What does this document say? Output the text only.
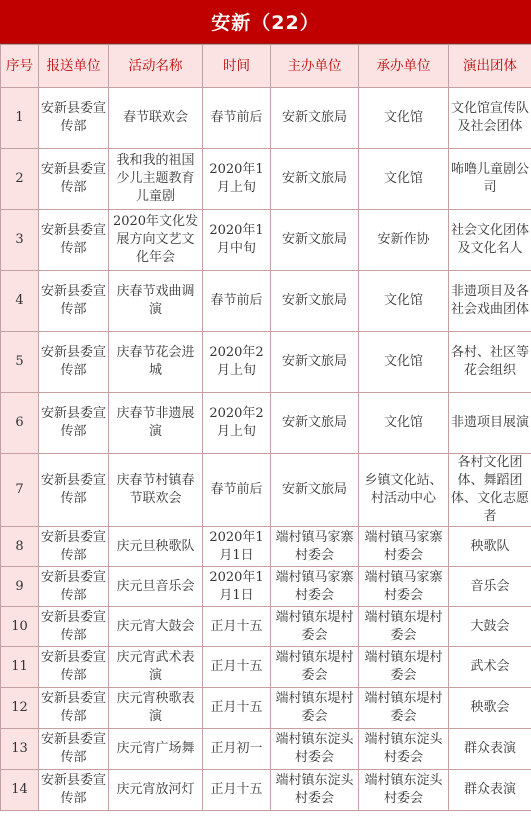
安新（22）
序号	报送单位	活动名称	时间	主办单位	承办单位	演出团体
1	安新县委宣传部	春节联欢会	春节前后	安新文旅局	文化馆	文化馆宣传队及社会团体
2	安新县委宣传部	我和我的祖国少儿主题教育儿童剧	2020年1月上旬	安新文旅局	文化馆	咘噜儿童剧公司
3	安新县委宣传部	2020年文化发展方向文艺文化年会	2020年1月中旬	安新文旅局	安新作协	社会文化团体及文化名人
4	安新县委宣传部	庆春节戏曲调演	春节前后	安新文旅局	文化馆	非遗项目及各社会戏曲团体
5	安新县委宣传部	庆春节花会进城	2020年2月上旬	安新文旅局	文化馆	各村、社区等花会组织
6	安新县委宣传部	庆春节非遗展演	2020年2月上旬	安新文旅局	文化馆	非遗项目展演
7	安新县委宣传部	庆春节村镇春节联欢会	春节前后	安新文旅局	乡镇文化站、村活动中心	各村文化团体、舞蹈团体、文化志愿者
8	安新县委宣传部	庆元旦秧歌队	2020年1月1日	端村镇马家寨村委会	端村镇马家寨村委会	秧歌队
9	安新县委宣传部	庆元旦音乐会	2020年1月1日	端村镇马家寨村委会	端村镇马家寨村委会	音乐会
10	安新县委宣传部	庆元宵大鼓会	正月十五	端村镇东堤村委会	端村镇东堤村委会	大鼓会
11	安新县委宣传部	庆元宵武术表演	正月十五	端村镇东堤村委会	端村镇东堤村委会	武术会
12	安新县委宣传部	庆元宵秧歌表演	正月十五	端村镇东堤村委会	端村镇东堤村委会	秧歌会
13	安新县委宣传部	庆元宵广场舞	正月初一	端村镇东淀头村委会	端村镇东淀头村委会	群众表演
14	安新县委宣传部	庆元宵放河灯	正月十五	端村镇东淀头村委会	端村镇东淀头村委会	群众表演
